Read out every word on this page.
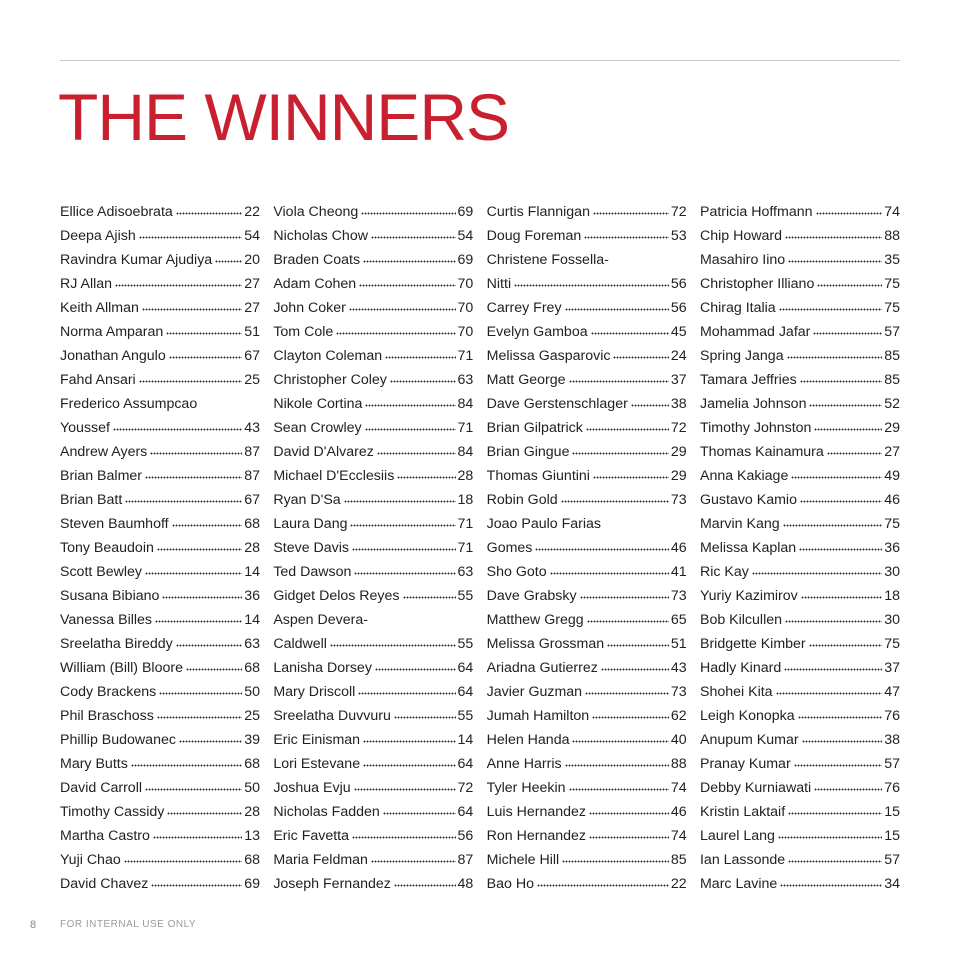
THE WINNERS
Ellice Adisoebrata	22
Deepa Ajish	54
Ravindra Kumar Ajudiya 20
RJ Allan	27
Keith Allman	27
Norma Amparan	51
Jonathan Angulo	67
Fahd Ansari	25
Frederico Assumpcao
Youssef	43
Andrew Ayers	87
Brian Balmer	87
Brian Batt	67
Steven Baumhoff	68
Tony Beaudoin	28
Scott Bewley	14
Susana Bibiano	36
Vanessa Billes	14
Sreelatha Bireddy	63
William (Bill) Bloore	68
Cody Brackens	50
Phil Braschoss	25
Phillip Budowanec	39
Mary Butts	68
David Carroll	50
Timothy Cassidy	28
Martha Castro	13
Yuji Chao	68
David Chavez	69
Viola Cheong	69
Nicholas Chow	54
Braden Coats	69
Adam Cohen	70
John Coker	70
Tom Cole	70
Clayton Coleman	71
Christopher Coley	63
Nikole Cortina	84
Sean Crowley	71
David D'Alvarez	84
Michael D'Ecclesiis	28
Ryan D'Sa	18
Laura Dang	71
Steve Davis	71
Ted Dawson	63
Gidget Delos Reyes	55
Aspen Devera-
Caldwell	55
Lanisha Dorsey	64
Mary Driscoll	64
Sreelatha Duvvuru	55
Eric Einisman	14
Lori Estevane	64
Joshua Evju	72
Nicholas Fadden	64
Eric Favetta	56
Maria Feldman	87
Joseph Fernandez	48
Curtis Flannigan	72
Doug Foreman	53
Christene Fossella-
Nitti	56
Carrey Frey	56
Evelyn Gamboa	45
Melissa Gasparovic	24
Matt George	37
Dave Gerstenschlager	38
Brian Gilpatrick	72
Brian Gingue	29
Thomas Giuntini	29
Robin Gold	73
Joao Paulo Farias
Gomes	46
Sho Goto	41
Dave Grabsky	73
Matthew Gregg	65
Melissa Grossman	51
Ariadna Gutierrez	43
Javier Guzman	73
Jumah Hamilton	62
Helen Handa	40
Anne Harris	88
Tyler Heekin	74
Luis Hernandez	46
Ron Hernandez	74
Michele Hill	85
Bao Ho	22
Patricia Hoffmann	74
Chip Howard	88
Masahiro Iino	35
Christopher Illiano	75
Chirag Italia	75
Mohammad Jafar	57
Spring Janga	85
Tamara Jeffries	85
Jamelia Johnson	52
Timothy Johnston	29
Thomas Kainamura	27
Anna Kakiage	49
Gustavo Kamio	46
Marvin Kang	75
Melissa Kaplan	36
Ric Kay	30
Yuriy Kazimirov	18
Bob Kilcullen	30
Bridgette Kimber	75
Hadly Kinard	37
Shohei Kita	47
Leigh Konopka	76
Anupum Kumar	38
Pranay Kumar	57
Debby Kurniawati	76
Kristin Laktaif	15
Laurel Lang	15
Ian Lassonde	57
Marc Lavine	34
8 FOR INTERNAL USE ONLY
